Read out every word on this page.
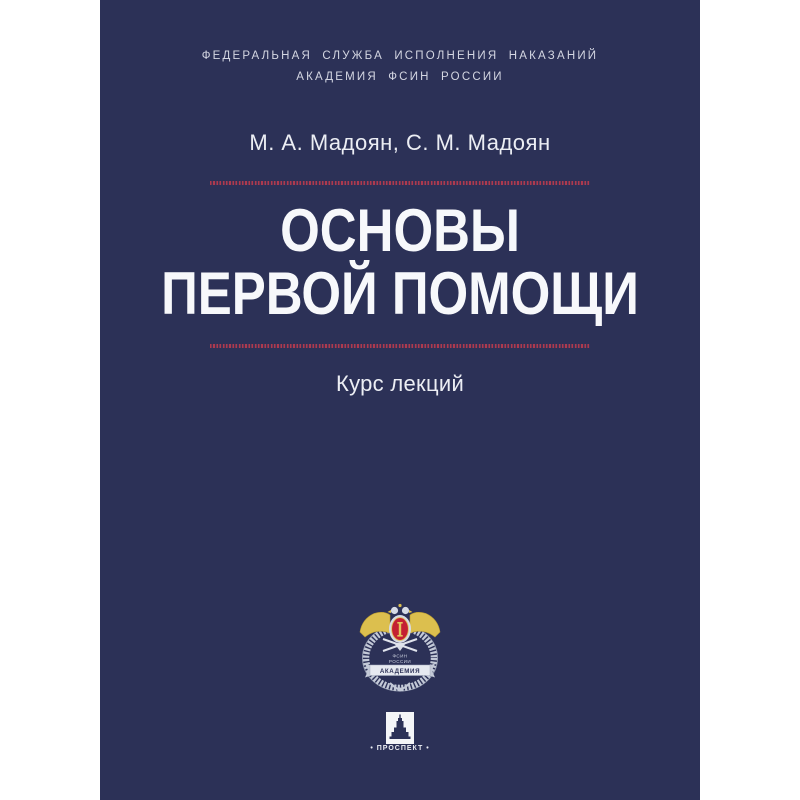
ФЕДЕРАЛЬНАЯ СЛУЖБА ИСПОЛНЕНИЯ НАКАЗАНИЙ
АКАДЕМИЯ ФСИН РОССИИ
М. А. Мадоян, С. М. Мадоян
ОСНОВЫ
ПЕРВОЙ ПОМОЩИ
Курс лекций
ФСИН
РОССИИ
АКАДЕМИЯ
• ПРОСПЕКТ •
